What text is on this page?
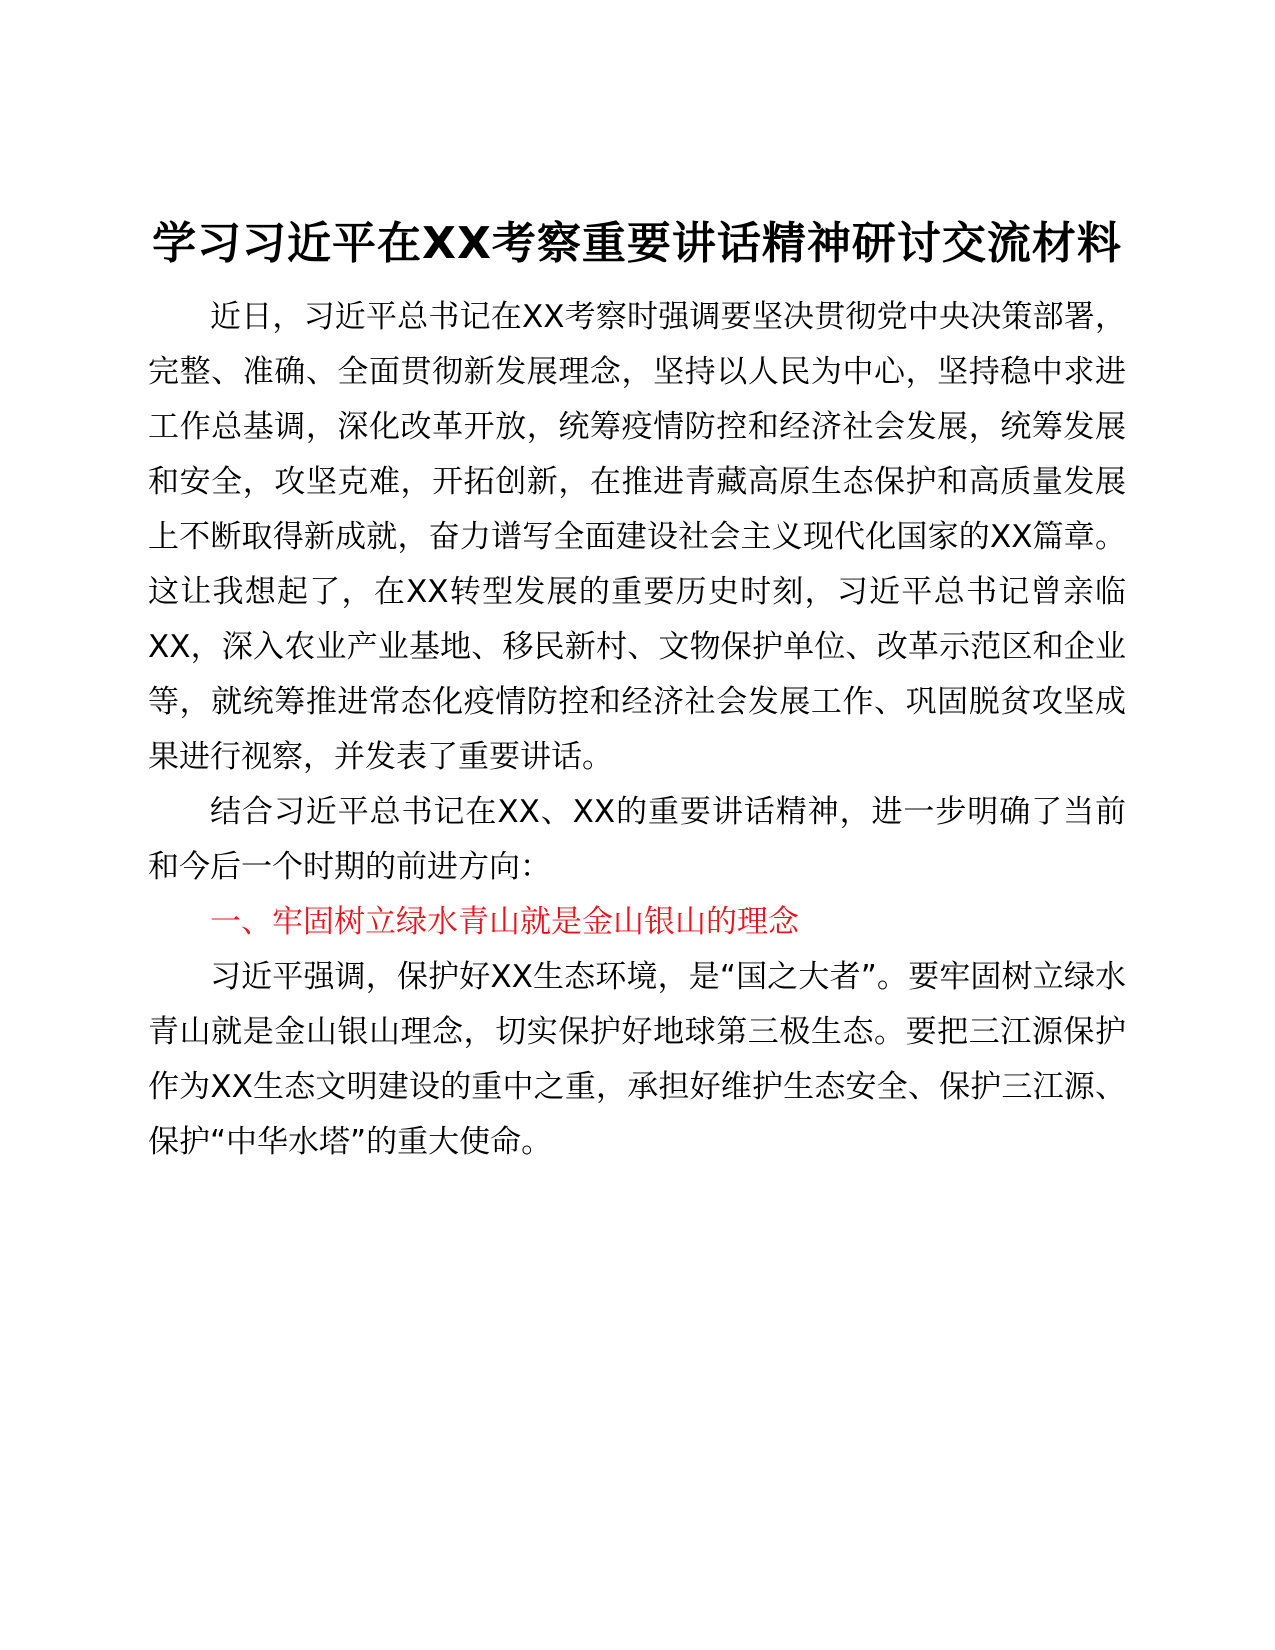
学习习近平在XX考察重要讲话精神研讨交流材料

近日，习近平总书记在XX考察时强调要坚决贯彻党中央决策部署，完整、准确、全面贯彻新发展理念，坚持以人民为中心，坚持稳中求进工作总基调，深化改革开放，统筹疫情防控和经济社会发展，统筹发展和安全，攻坚克难，开拓创新，在推进青藏高原生态保护和高质量发展上不断取得新成就，奋力谱写全面建设社会主义现代化国家的XX篇章。这让我想起了，在XX转型发展的重要历史时刻，习近平总书记曾亲临XX，深入农业产业基地、移民新村、文物保护单位、改革示范区和企业等，就统筹推进常态化疫情防控和经济社会发展工作、巩固脱贫攻坚成果进行视察，并发表了重要讲话。

结合习近平总书记在XX、XX的重要讲话精神，进一步明确了当前和今后一个时期的前进方向：

一、牢固树立绿水青山就是金山银山的理念

习近平强调，保护好XX生态环境，是“国之大者”。要牢固树立绿水青山就是金山银山理念，切实保护好地球第三极生态。要把三江源保护作为XX生态文明建设的重中之重，承担好维护生态安全、保护三江源、保护“中华水塔”的重大使命。
